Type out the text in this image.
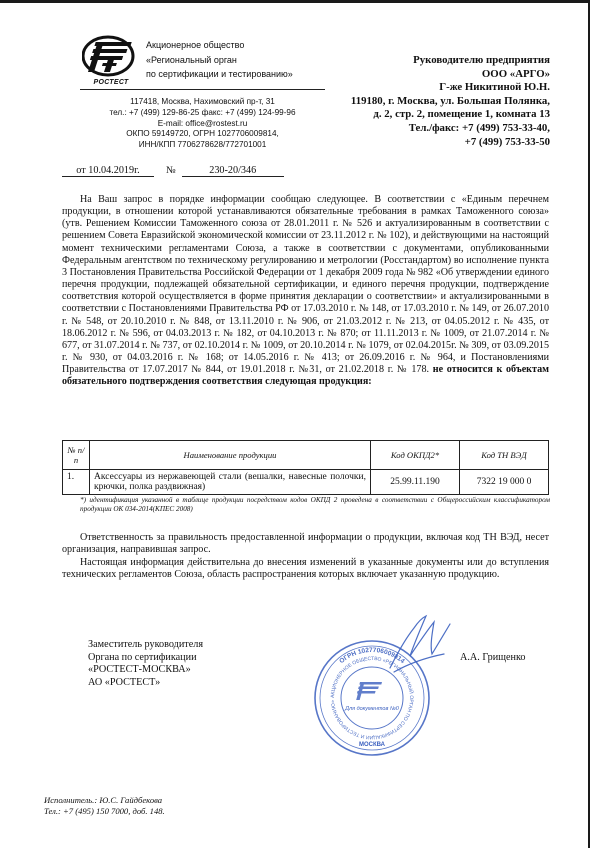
РОСТЕСТ
Акционерное общество
«Региональный орган
по сертификации и тестированию»
117418, Москва, Нахимовский пр-т, 31
тел.: +7 (499) 129-86-25 факс: +7 (499) 124-99-96
E-mail: office@rostest.ru
ОКПО 59149720, ОГРН 1027706009814,
ИНН/КПП 7706278628/772701001
Руководителю предприятия
ООО «АРГО»
Г-же Никитиной Ю.Н.
119180, г. Москва, ул. Большая Полянка,
д. 2, стр. 2, помещение 1, комната 13
Тел./факс: +7 (499) 753-33-40,
+7 (499) 753-33-50
от 10.04.2019г.	№	230-20/346

На Ваш запрос в порядке информации сообщаю следующее. В соответствии с «Единым перечнем продукции, в отношении которой устанавливаются обязательные требования в рамках Таможенного союза» (утв. Решением Комиссии Таможенного союза от 28.01.2011 г. № 526 и актуализированным в соответствии с решением Совета Евразийской экономической комиссии от 23.11.2012 г. № 102), и действующими на настоящий момент техническими регламентами Союза, а также в соответствии с документами, опубликованными Федеральным агентством по техническому регулированию и метрологии (Росстандартом) во исполнение пункта 3 Постановления Правительства Российской Федерации от 1 декабря 2009 года № 982 «Об утверждении единого перечня продукции, подлежащей обязательной сертификации, и единого перечня продукции, подтверждение соответствия которой осуществляется в форме принятия декларации о соответствии» и актуализированными в соответствии с Постановлениями Правительства РФ от 17.03.2010 г. № 148, от 17.03.2010 г. № 149, от 26.07.2010 г. № 548, от 20.10.2010 г. № 848, от 13.11.2010 г. № 906, от 21.03.2012 г. № 213, от 04.05.2012 г. № 435, от 18.06.2012 г. № 596, от 04.03.2013 г. № 182, от 04.10.2013 г. № 870; от 11.11.2013 г. № 1009, от 21.07.2014 г. № 677, от 31.07.2014 г. № 737, от 02.10.2014 г. № 1009, от 20.10.2014 г. № 1079, от 02.04.2015г. № 309, от 03.09.2015 г. № 930, от 04.03.2016 г. № 168; от 14.05.2016 г. № 413; от 26.09.2016 г. № 964, и Постановлениями Правительства от 17.07.2017 № 844, от 19.01.2018 г. №31, от 21.02.2018 г. № 178. не относится к объектам обязательного подтверждения соответствия следующая продукция:

№ п/п	Наименование продукции	Код ОКПД2*	Код ТН ВЭД
1.	Аксессуары из нержавеющей стали (вешалки, навесные полочки, крючки, полка раздвижная)	25.99.11.190	7322 19 000 0
*) идентификация указанной в таблице продукции посредством кодов ОКПД 2 проведена в соответствии с Общероссийским классификатором продукции ОК 034-2014(КПЕС 2008)

Ответственность за правильность предоставленной информации о продукции, включая код ТН ВЭД, несет организация, направившая запрос.

Настоящая информация действительна до внесения изменений в указанные документы или до вступления технических регламентов Союза, область распространения которых включает указанную продукцию.

Заместитель руководителя
Органа по сертификации
«РОСТЕСТ-МОСКВА»
АО «РОСТЕСТ»
ОГРН 1027706009814
АКЦИОНЕРНОЕ ОБЩЕСТВО «РЕГИОНАЛЬНЫЙ ОРГАН ПО СЕРТИФИКАЦИИ И ТЕСТИРОВАНИЮ»
Для документов №0
МОСКВА
А.А. Грищенко
Исполнитель.: Ю.С. Гайдбекова
Тел.: +7 (495) 150 7000, доб. 148.
